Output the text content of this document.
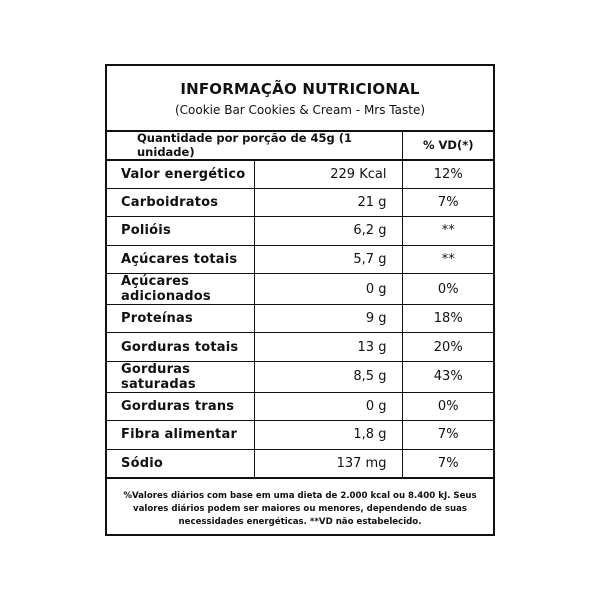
INFORMAÇÃO NUTRICIONAL
(Cookie Bar Cookies & Cream - Mrs Taste)
Quantidade por porção de 45g (1 unidade)		% VD(*)
Valor energético	229 Kcal	12%
Carboidratos	21 g	7%
Polióis	6,2 g	**
Açúcares totais	5,7 g	**
Açúcares adicionados	0 g	0%
Proteínas	9 g	18%
Gorduras totais	13 g	20%
Gorduras saturadas	8,5 g	43%
Gorduras trans	0 g	0%
Fibra alimentar	1,8 g	7%
Sódio	137 mg	7%
%Valores diários com base em uma dieta de 2.000 kcal ou 8.400 kJ. Seus valores diários podem ser maiores ou menores, dependendo de suas necessidades energéticas. **VD não estabelecido.
